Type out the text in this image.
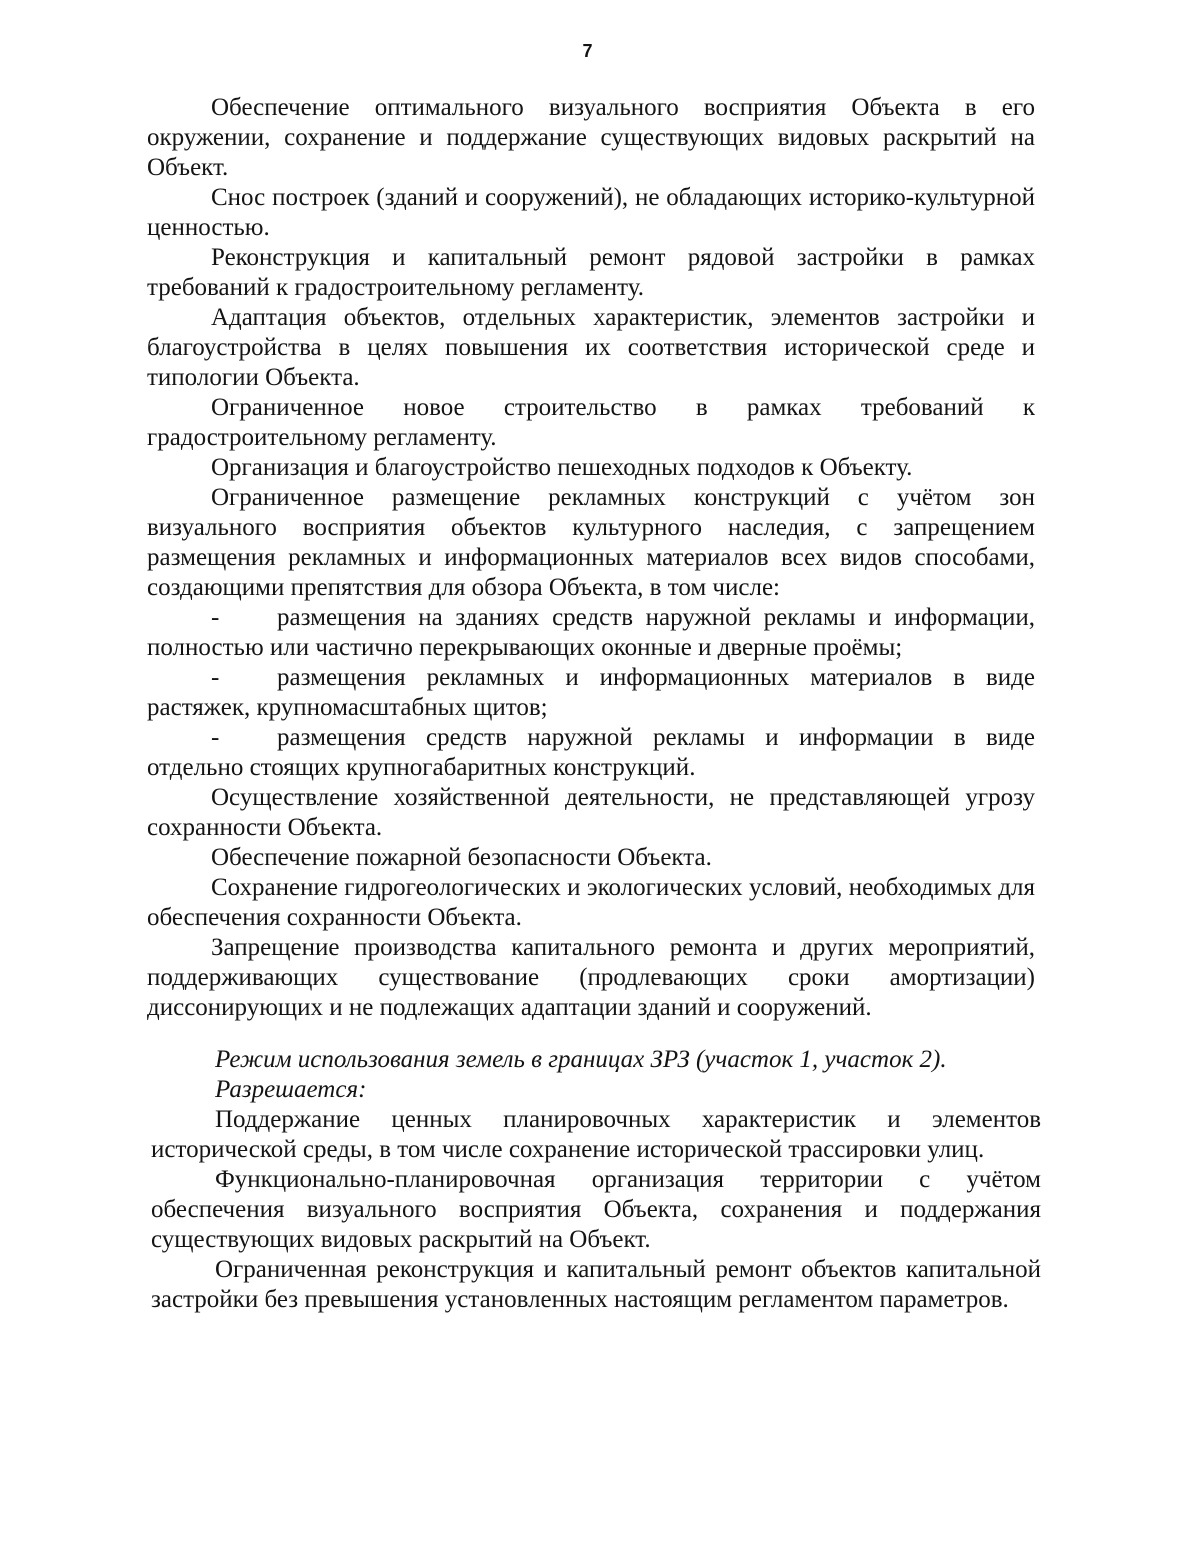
7

Обеспечение оптимального визуального восприятия Объекта в его окружении, сохранение и поддержание существующих видовых раскрытий на Объект.

Снос построек (зданий и сооружений), не обладающих историко-культурной ценностью.

Реконструкция и капитальный ремонт рядовой застройки в рамках требований к градостроительному регламенту.

Адаптация объектов, отдельных характеристик, элементов застройки и благоустройства в целях повышения их соответствия исторической среде и типологии Объекта.

Ограниченное новое строительство в рамках требований к градостроительному регламенту.

Организация и благоустройство пешеходных подходов к Объекту.

Ограниченное размещение рекламных конструкций с учётом зон визуального восприятия объектов культурного наследия, с запрещением размещения рекламных и информационных материалов всех видов способами, создающими препятствия для обзора Объекта, в том числе:

- размещения на зданиях средств наружной рекламы и информации, полностью или частично перекрывающих оконные и дверные проёмы;

- размещения рекламных и информационных материалов в виде растяжек, крупномасштабных щитов;

- размещения средств наружной рекламы и информации в виде отдельно стоящих крупногабаритных конструкций.

Осуществление хозяйственной деятельности, не представляющей угрозу сохранности Объекта.

Обеспечение пожарной безопасности Объекта.

Сохранение гидрогеологических и экологических условий, необходимых для обеспечения сохранности Объекта.

Запрещение производства капитального ремонта и других мероприятий, поддерживающих существование (продлевающих сроки амортизации) диссонирующих и не подлежащих адаптации зданий и сооружений.

Режим использования земель в границах ЗРЗ (участок 1, участок 2).

Разрешается:

Поддержание ценных планировочных характеристик и элементов исторической среды, в том числе сохранение исторической трассировки улиц.

Функционально-планировочная организация территории с учётом обеспечения визуального восприятия Объекта, сохранения и поддержания существующих видовых раскрытий на Объект.

Ограниченная реконструкция и капитальный ремонт объектов капитальной застройки без превышения установленных настоящим регламентом параметров.
